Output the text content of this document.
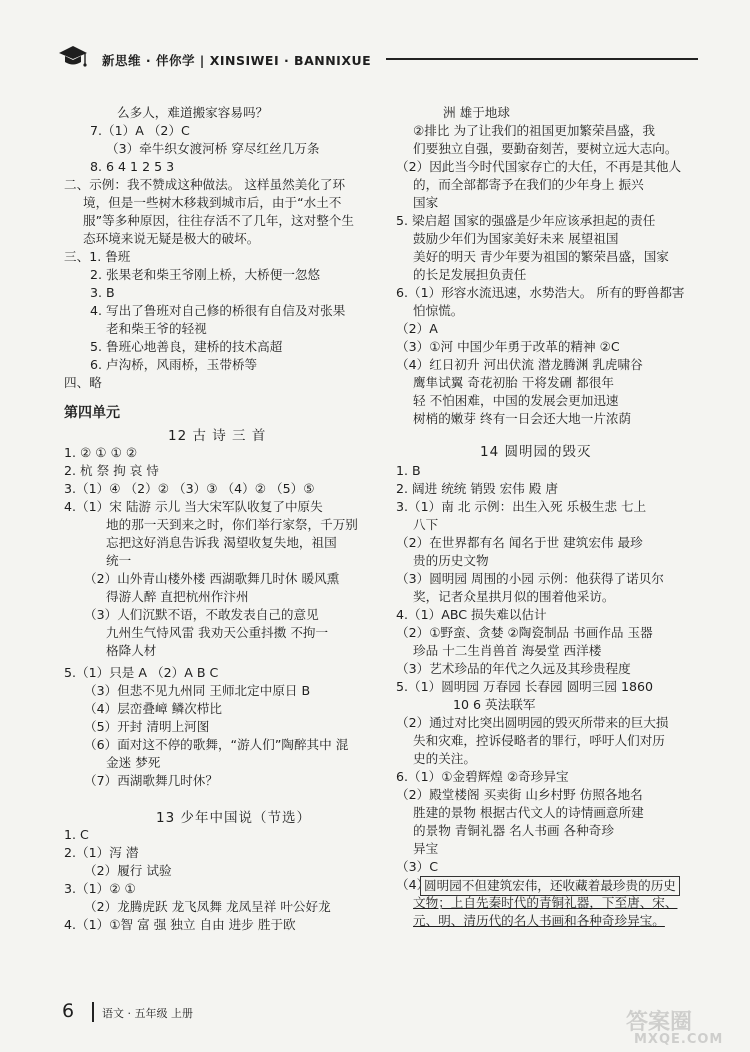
新思维 · 伴你学 | XINSIWEI · BANNIXUE
么多人，难道搬家容易吗？
7.（1）A （2）C
（3）牵牛织女渡河桥 穿尽红丝几万条
8. 6 4 1 2 5 3
二、示例：我不赞成这种做法。 这样虽然美化了环
境，但是一些树木移栽到城市后，由于“水土不
服”等多种原因，往往存活不了几年，这对整个生
态环境来说无疑是极大的破坏。
三、1. 鲁班
2. 张果老和柴王爷刚上桥，大桥便一忽悠
3. B
4. 写出了鲁班对自己修的桥很有自信及对张果
老和柴王爷的轻视
5. 鲁班心地善良，建桥的技术高超
6. 卢沟桥，风雨桥，玉带桥等
四、略
第四单元
12 古 诗 三 首
1. ② ① ① ②
2. 杭 祭 拘 哀 恃
3.（1）④ （2）② （3）③ （4）② （5）⑤
4.（1）宋 陆游 示儿 当大宋军队收复了中原失
地的那一天到来之时，你们举行家祭，千万别
忘把这好消息告诉我 渴望收复失地，祖国
统一
（2）山外青山楼外楼 西湖歌舞几时休 暖风熏
得游人醉 直把杭州作汴州
（3）人们沉默不语，不敢发表自己的意见
九州生气恃风雷 我劝天公重抖擞 不拘一
格降人材
5.（1）只是 A （2）A B C
（3）但悲不见九州同 王师北定中原日 B
（4）层峦叠嶂 鳞次栉比
（5）开封 清明上河图
（6）面对这不停的歌舞，“游人们”陶醉其中 混
金迷 梦死
（7）西湖歌舞几时休？
13 少年中国说（节选）
1. C
2.（1）泻 潜
（2）履行 试验
3.（1）② ①
（2）龙腾虎跃 龙飞凤舞 龙凤呈祥 叶公好龙
4.（1）①智 富 强 独立 自由 进步 胜于欧
洲 雄于地球
②排比 为了让我们的祖国更加繁荣昌盛，我
们要独立自强，要勤奋刻苦，要树立远大志向。
（2）因此当今时代国家存亡的大任，不再是其他人
的，而全部都寄予在我们的少年身上 振兴
国家
5. 梁启超 国家的强盛是少年应该承担起的责任
鼓励少年们为国家美好未来 展望祖国
美好的明天 青少年要为祖国的繁荣昌盛，国家
的长足发展担负责任
6.（1）形容水流迅速，水势浩大。 所有的野兽都害
怕惊慌。
（2）A
（3）①河 中国少年勇于改革的精神 ②C
（4）红日初升 河出伏流 潜龙腾渊 乳虎啸谷
鹰隼试翼 奇花初胎 干将发硎 都很年
轻 不怕困难，中国的发展会更加迅速
树梢的嫩芽 终有一日会还大地一片浓荫
14 圆明园的毁灭
1. B
2. 阔进 统统 销毁 宏伟 殿 唐
3.（1）南 北 示例：出生入死 乐极生悲 七上
八下
（2）在世界都有名 闻名于世 建筑宏伟 最珍
贵的历史文物
（3）圆明园 周围的小园 示例：他获得了诺贝尔
奖，记者众星拱月似的围着他采访。
4.（1）ABC 损失难以估计
（2）①野蛮、贪婪 ②陶瓷制品 书画作品 玉器
珍品 十二生肖兽首 海晏堂 西洋楼
（3）艺术珍品的年代之久远及其珍贵程度
5.（1）圆明园 万春园 长春园 圆明三园 1860
10 6 英法联军
（2）通过对比突出圆明园的毁灭所带来的巨大损
失和灾难，控诉侵略者的罪行，呼吁人们对历
史的关注。
6.（1）①金碧辉煌 ②奇珍异宝
（2）殿堂楼阁 买卖街 山乡村野 仿照各地名
胜建的景物 根据古代文人的诗情画意所建
的景物 青铜礼器 名人书画 各种奇珍
异宝
（3）C
（4）
圆明园不但建筑宏伟，还收藏着最珍贵的历史
文物；上自先秦时代的青铜礼器，下至唐、宋、
元、明、清历代的名人书画和各种奇珍异宝。
6	语文 · 五年级 上册	答案圈
MXQE.COM
